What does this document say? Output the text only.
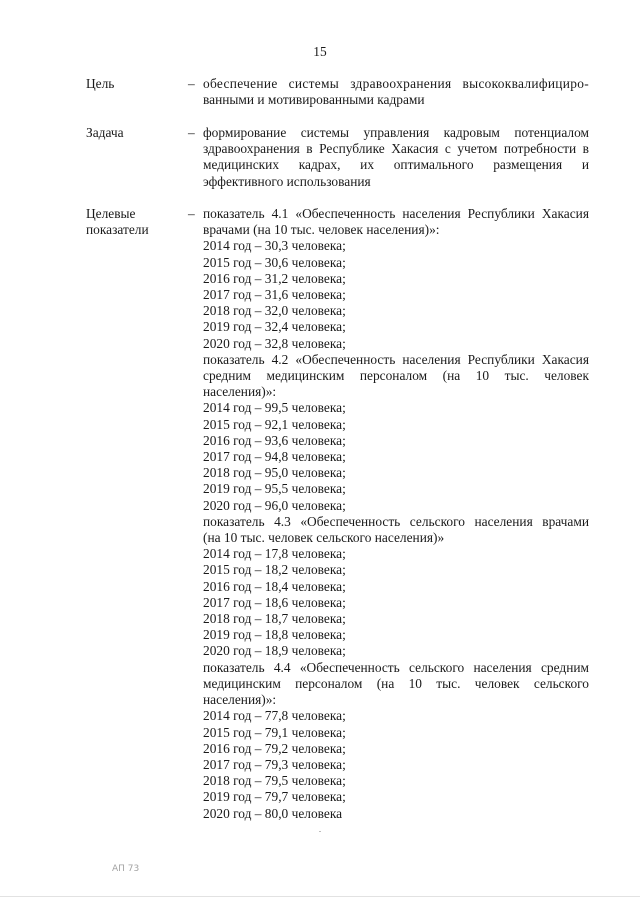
15
Цель	– обеспечение системы здравоохранения высококвалифициро-
ванными и мотивированными кадрами
Задача	– формирование системы управления кадровым потенциалом
здравоохранения в Республике Хакасия с учетом потребности в
медицинских кадрах, их оптимального размещения и
эффективного использования
Целевые
показатели
– показатель 4.1 «Обеспеченность населения Республики Хакасия
врачами (на 10 тыс. человек населения)»:
2014 год – 30,3 человека;
2015 год – 30,6 человека;
2016 год – 31,2 человека;
2017 год – 31,6 человека;
2018 год – 32,0 человека;
2019 год – 32,4 человека;
2020 год – 32,8 человека;
показатель 4.2 «Обеспеченность населения Республики Хакасия
средним медицинским персоналом (на 10 тыс. человек
населения)»:
2014 год – 99,5 человека;
2015 год – 92,1 человека;
2016 год – 93,6 человека;
2017 год – 94,8 человека;
2018 год – 95,0 человека;
2019 год – 95,5 человека;
2020 год – 96,0 человека;
показатель 4.3 «Обеспеченность сельского населения врачами
(на 10 тыс. человек сельского населения)»
2014 год – 17,8 человека;
2015 год – 18,2 человека;
2016 год – 18,4 человека;
2017 год – 18,6 человека;
2018 год – 18,7 человека;
2019 год – 18,8 человека;
2020 год – 18,9 человека;
показатель 4.4 «Обеспеченность сельского населения средним
медицинским персоналом (на 10 тыс. человек сельского
населения)»:
2014 год – 77,8 человека;
2015 год – 79,1 человека;
2016 год – 79,2 человека;
2017 год – 79,3 человека;
2018 год – 79,5 человека;
2019 год – 79,7 человека;
2020 год – 80,0 человека
АП 73
